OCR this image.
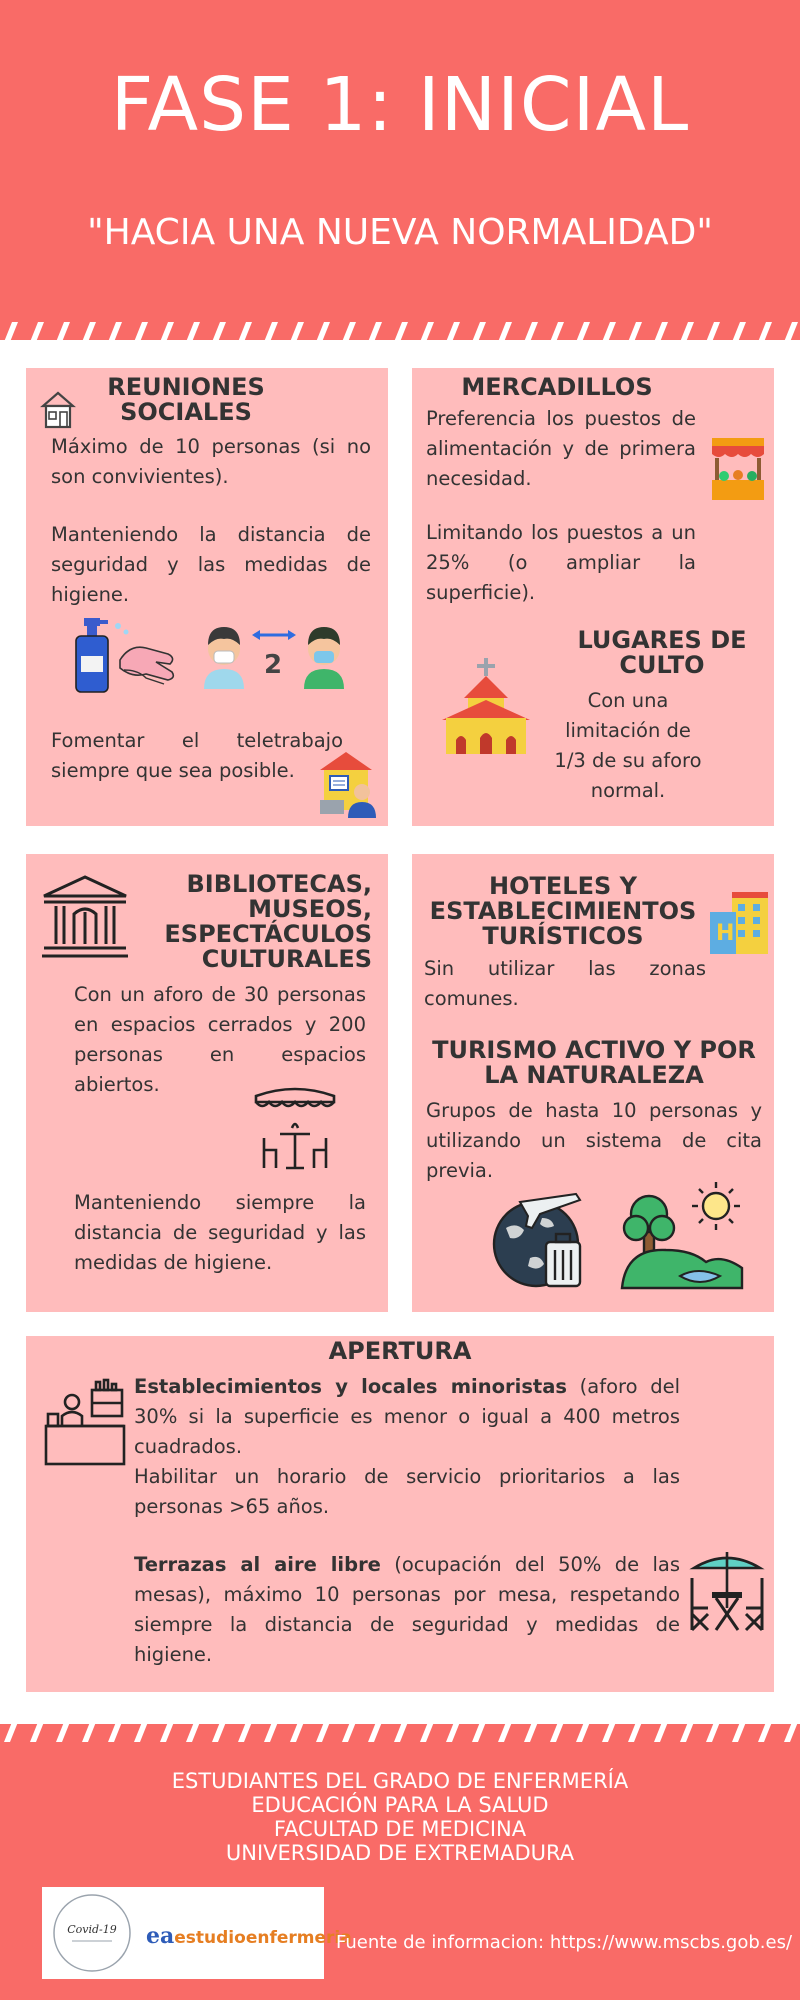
FASE 1: INICIAL
"HACIA UNA NUEVA NORMALIDAD"
REUNIONES SOCIALES
Máximo de 10 personas (si no son convivientes).
Manteniendo la distancia de seguridad y las medidas de higiene.
2
Fomentar el teletrabajo siempre que sea posible.
MERCADILLOS
Preferencia los puestos de alimentación y de primera necesidad.
Limitando los puestos a un 25% (o ampliar la superficie).
LUGARES DE CULTO
Con una limitación de 1/3 de su aforo normal.
BIBLIOTECAS, MUSEOS, ESPECTÁCULOS CULTURALES
Con un aforo de 30 personas en espacios cerrados y 200 personas en espacios abiertos.
Manteniendo siempre la distancia de seguridad y las medidas de higiene.
HOTELES Y ESTABLECIMIENTOS TURÍSTICOS	H
Sin utilizar las zonas comunes.
TURISMO ACTIVO Y POR LA NATURALEZA
Grupos de hasta 10 personas y utilizando un sistema de cita previa.
APERTURA
Establecimientos y locales minoristas (aforo del 30% si la superficie es menor o igual a 400 metros cuadrados.
Habilitar un horario de servicio prioritarios a las personas >65 años.
Terrazas al aire libre (ocupación del 50% de las mesas), máximo 10 personas por mesa, respetando siempre la distancia de seguridad y medidas de higiene.
ESTUDIANTES DEL GRADO DE ENFERMERÍA
EDUCACIÓN PARA LA SALUD
FACULTAD DE MEDICINA
UNIVERSIDAD DE EXTREMADURA
Covid-19 eaestudioenfermeria
Fuente de informacion: https://www.mscbs.gob.es/
